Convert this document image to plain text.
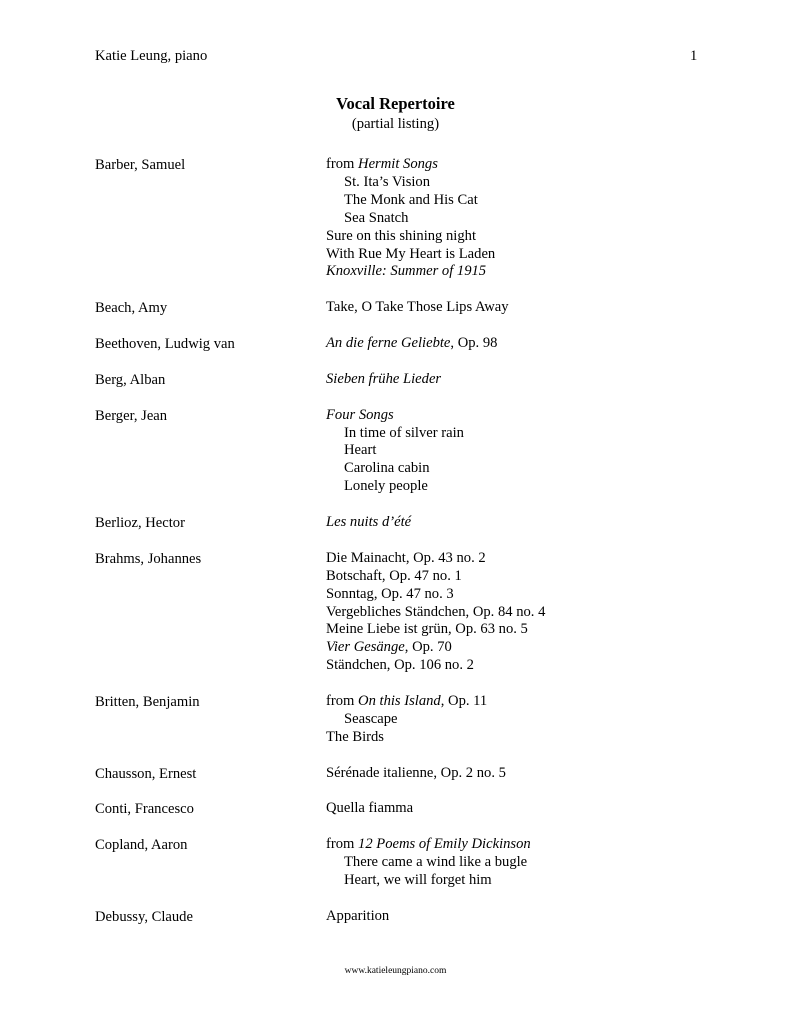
Katie Leung, piano	1
Vocal Repertoire
(partial listing)
Barber, Samuel	from Hermit Songs
St. Ita’s Vision
The Monk and His Cat
Sea Snatch
Sure on this shining night
With Rue My Heart is Laden
Knoxville: Summer of 1915
Beach, Amy	Take, O Take Those Lips Away
Beethoven, Ludwig van	An die ferne Geliebte, Op. 98
Berg, Alban	Sieben frühe Lieder
Berger, Jean	Four Songs
In time of silver rain
Heart
Carolina cabin
Lonely people
Berlioz, Hector	Les nuits d’été
Brahms, Johannes	Die Mainacht, Op. 43 no. 2
Botschaft, Op. 47 no. 1
Sonntag, Op. 47 no. 3
Vergebliches Ständchen, Op. 84 no. 4
Meine Liebe ist grün, Op. 63 no. 5
Vier Gesänge, Op. 70
Ständchen, Op. 106 no. 2
Britten, Benjamin	from On this Island, Op. 11
Seascape
The Birds
Chausson, Ernest	Sérénade italienne, Op. 2 no. 5
Conti, Francesco	Quella fiamma
Copland, Aaron	from 12 Poems of Emily Dickinson
There came a wind like a bugle
Heart, we will forget him
Debussy, Claude	Apparition
www.katieleungpiano.com
